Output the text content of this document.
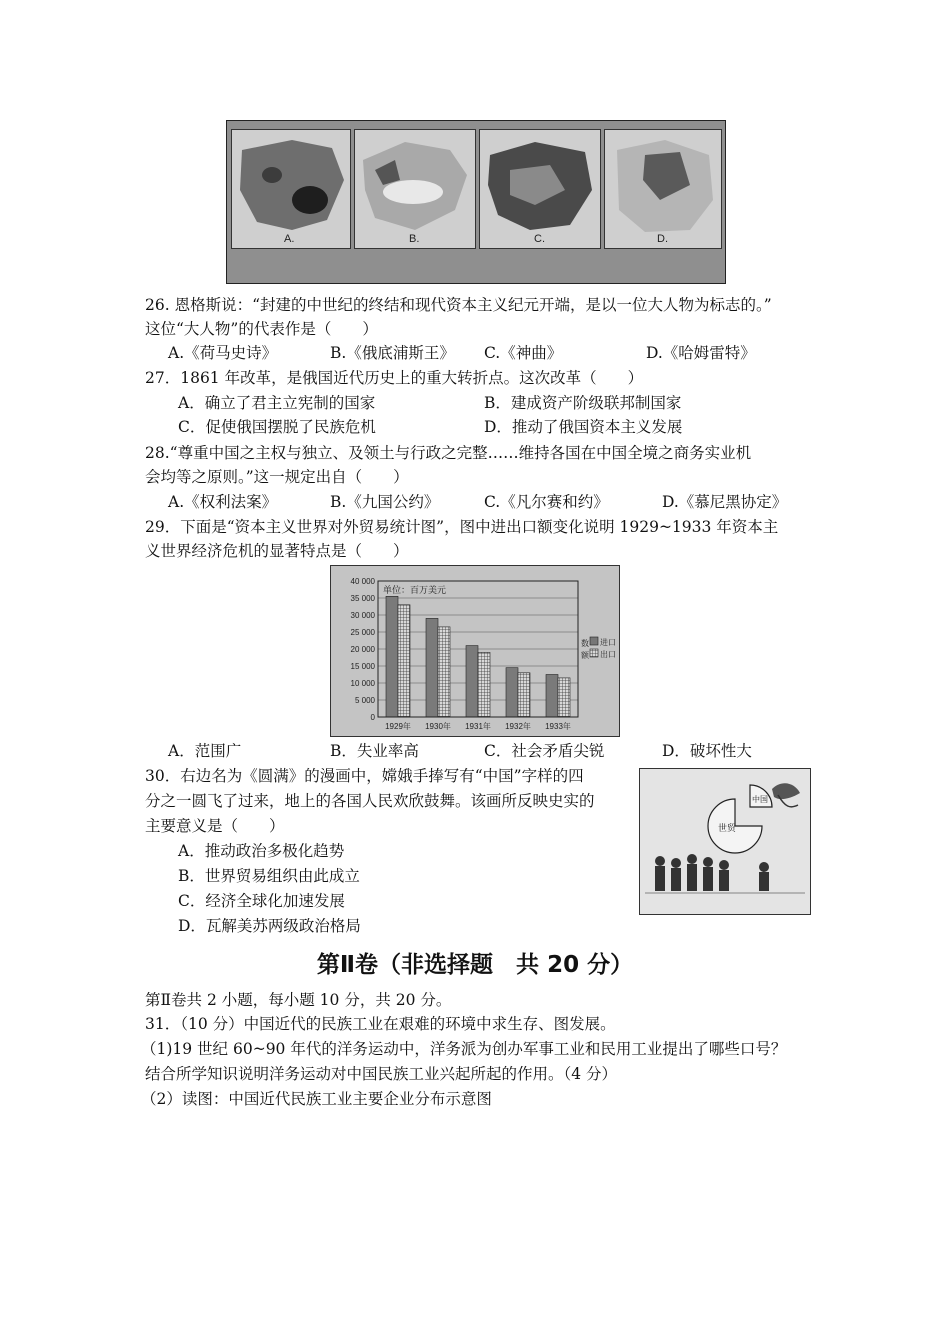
A.	B.	C.	D.
26. 恩格斯说：“封建的中世纪的终结和现代资本主义纪元开端，是以一位大人物为标志的。”
这位“大人物”的代表作是（　　）
A.《荷马史诗》	B.《俄底浦斯王》 C.《神曲》	D.《哈姆雷特》
27．1861 年改革，是俄国近代历史上的重大转折点。这次改革（　　）
A．确立了君主立宪制的国家	B．建成资产阶级联邦制国家
C．促使俄国摆脱了民族危机	D．推动了俄国资本主义发展
28.“尊重中国之主权与独立、及领土与行政之完整……维持各国在中国全境之商务实业机
会均等之原则。”这一规定出自（　　）
A.《权利法案》	B.《九国公约》	C.《凡尔赛和约》	D.《慕尼黑协定》
29．下面是“资本主义世界对外贸易统计图”，图中进出口额变化说明 1929~1933 年资本主
义世界经济危机的显著特点是（　　）
0
5 000
10 000
15 000
20 000
25 000
30 000
35 000
40 000
1929年 1930年 1931年 1932年 1933年
单位：百万美元
数
额
进口
出口
A．范围广	B．失业率高	C．社会矛盾尖锐	D．破坏性大
30．右边名为《圆满》的漫画中，嫦娥手捧写有“中国”字样的四
分之一圆飞了过来，地上的各国人民欢欣鼓舞。该画所反映史实的
主要意义是（　　）
A．推动政治多极化趋势
B．世界贸易组织由此成立
C．经济全球化加速发展
D．瓦解美苏两级政治格局
世贸
中国
第Ⅱ卷（非选择题　共 20 分）
第Ⅱ卷共 2 小题，每小题 10 分，共 20 分。
31．（10 分）中国近代的民族工业在艰难的环境中求生存、图发展。
（1)19 世纪 60~90 年代的洋务运动中，洋务派为创办军事工业和民用工业提出了哪些口号？
结合所学知识说明洋务运动对中国民族工业兴起所起的作用。（4 分）
（2）读图：中国近代民族工业主要企业分布示意图
